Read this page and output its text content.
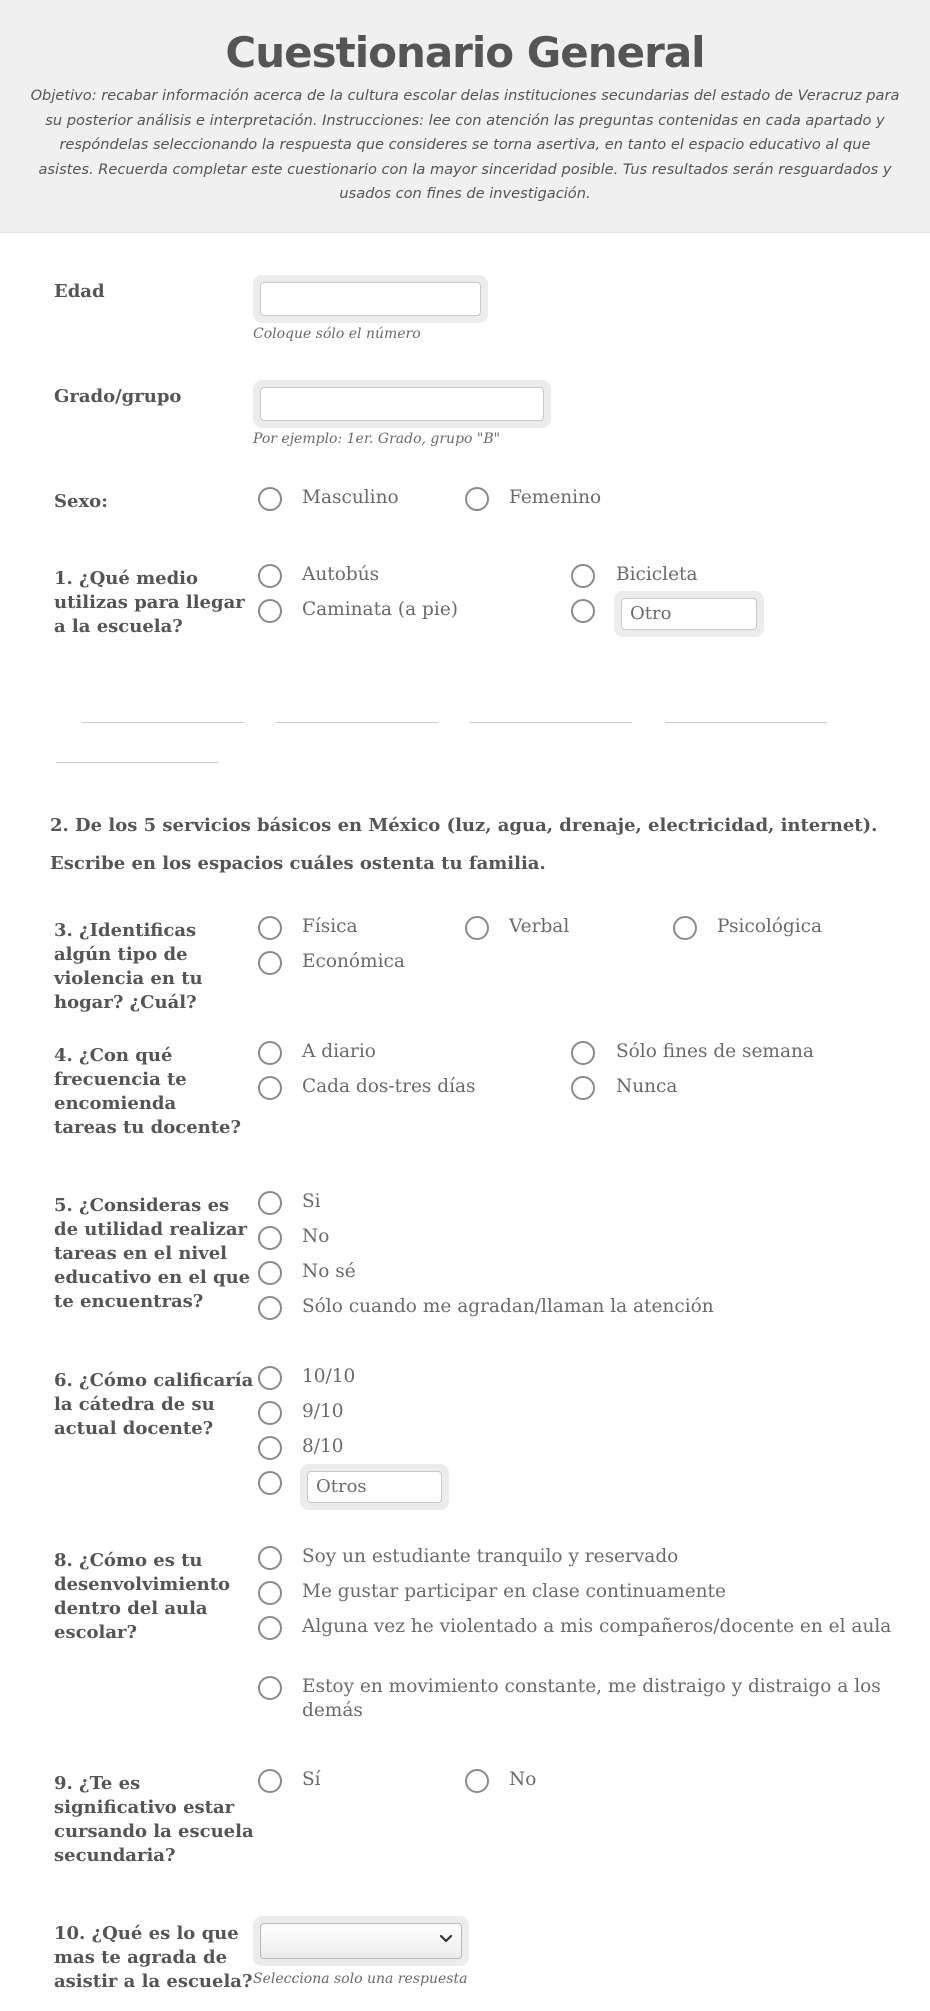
Cuestionario General
Objetivo: recabar información acerca de la cultura escolar delas instituciones secundarias del estado de Veracruz para su posterior análisis e interpretación. Instrucciones: lee con atención las preguntas contenidas en cada apartado y respóndelas seleccionando la respuesta que consideres se torna asertiva, en tanto el espacio educativo al que asistes. Recuerda completar este cuestionario con la mayor sinceridad posible. Tus resultados serán resguardados y usados con fines de investigación.
Edad
Coloque sólo el número
Grado/grupo
Por ejemplo: 1er. Grado, grupo "B"
Sexo:	Masculino	Femenino
1. ¿Qué medio utilizas para llegar a la escuela?
Autobús	Bicicleta
Caminata (a pie)	Otro
2. De los 5 servicios básicos en México (luz, agua, drenaje, electricidad, internet).
Escribe en los espacios cuáles ostenta tu familia.
3. ¿Identificas algún tipo de violencia en tu hogar? ¿Cuál?
Física	Verbal	Psicológica
Económica
4. ¿Con qué frecuencia te encomienda tareas tu docente?
A diario	Sólo fines de semana
Cada dos-tres días	Nunca
5. ¿Consideras es de utilidad realizar tareas en el nivel educativo en el que te encuentras?
Si
No
No sé
Sólo cuando me agradan/llaman la atención
6. ¿Cómo calificaría la cátedra de su actual docente?
10/10
9/10
8/10
Otros
8. ¿Cómo es tu desenvolvimiento dentro del aula escolar?
Soy un estudiante tranquilo y reservado
Me gustar participar en clase continuamente
Alguna vez he violentado a mis compañeros/docente en el aula
Estoy en movimiento constante, me distraigo y distraigo a los demás
9. ¿Te es significativo estar cursando la escuela secundaria?
Sí	No
10. ¿Qué es lo que mas te agrada de asistir a la escuela? Selecciona solo una respuesta
